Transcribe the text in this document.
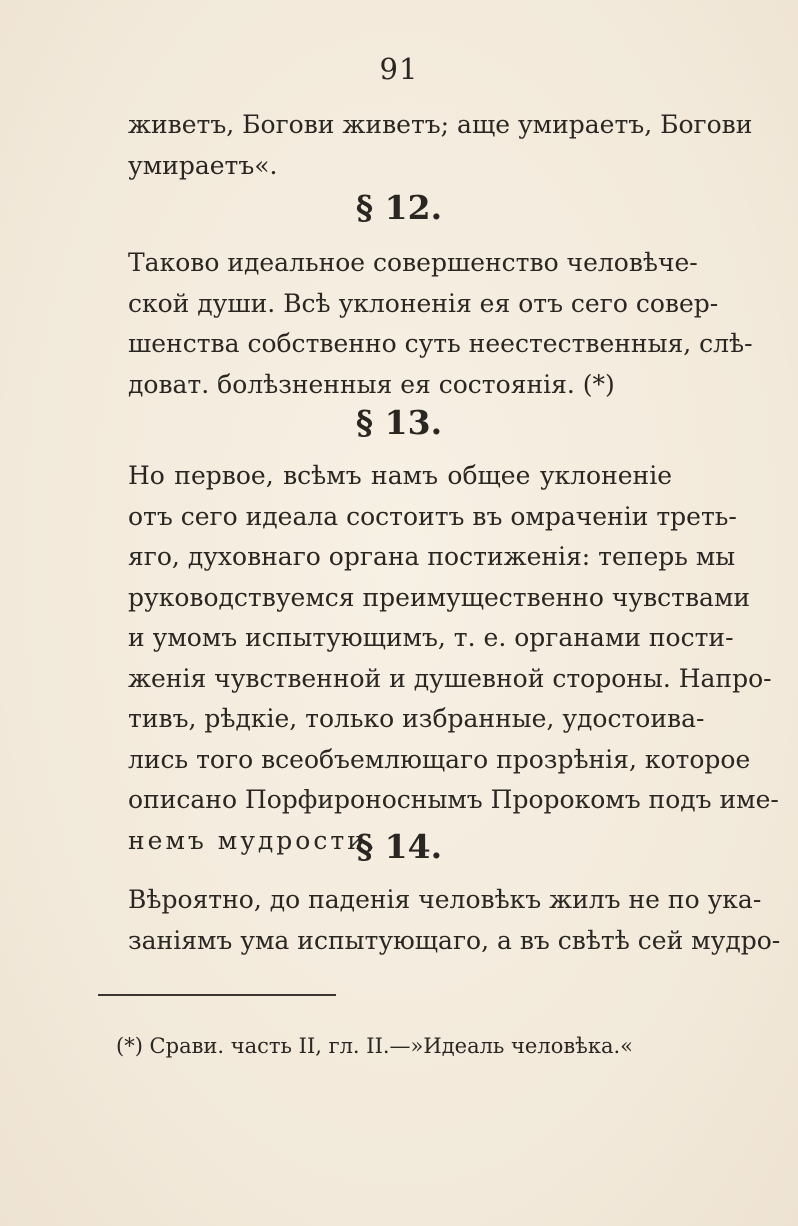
91
живетъ, Богови живетъ; аще умираетъ, Богови
умираетъ«.
§ 12.
Таково идеальное совершенство человѣче-
ской души. Всѣ уклоненія ея отъ сего совер-
шенства собственно суть неестественныя, слѣ-
доват. болѣзненныя ея состоянія. (*)
§ 13.
Но первое, всѣмъ намъ общее уклоненіе
отъ сего идеала состоитъ въ омраченіи треть-
яго, духовнаго органа постиженія: теперь мы
руководствуемся преимущественно чувствами
и умомъ испытующимъ, т. е. органами пости-
женія чувственной и душевной стороны. Напро-
тивъ, рѣдкіе, только избранные, удостоива-
лись того всеобъемлющаго прозрѣнія, которое
описано Порфироноснымъ Пророкомъ подъ име-
немъ мудрости.
§ 14.
Вѣроятно, до паденія человѣкъ жилъ не по ука-
заніямъ ума испытующаго, а въ свѣтѣ сей мудро-
(*) Срави. часть II, гл. II.—»Идеаль человѣка.«
